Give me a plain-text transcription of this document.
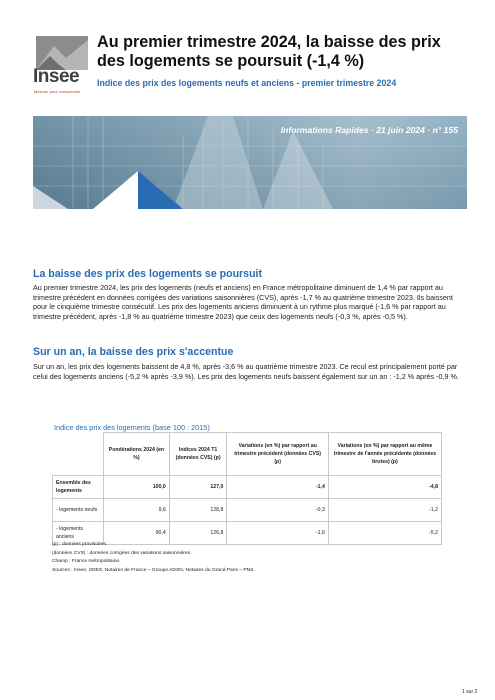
Insee
Mesurer pour comprendre
Au premier trimestre 2024, la baisse des prix des logements se poursuit (-1,4 %)
Indice des prix des logements neufs et anciens - premier trimestre 2024
Informations Rapides · 21 juin 2024 · n° 155
La baisse des prix des logements se poursuit
Au premier trimestre 2024, les prix des logements (neufs et anciens) en France métropolitaine diminuent de 1,4 % par rapport au trimestre précédent en données corrigées des variations saisonnières (CVS), après -1,7 % au quatrième trimestre 2023. Ils baissent pour le cinquième trimestre consécutif. Les prix des logements anciens diminuent à un rythme plus marqué (-1,6 % par rapport au trimestre précédent, après -1,8 % au quatrième trimestre 2023) que ceux des logements neufs (-0,3 %, après -0,5 %).
Sur un an, la baisse des prix s'accentue
Sur un an, les prix des logements baissent de 4,8 %, après -3,6 % au quatrième trimestre 2023. Ce recul est principalement porté par celui des logements anciens (-5,2 % après -3,9 %). Les prix des logements neufs baissent également sur un an : -1,2 % après -0,9 %.
Indice des prix des logements (base 100 : 2015)
	Pondérations 2024 (en %)	Indices 2024 T1 (données CVS) (p)	Variations (en %) par rapport au trimestre précédent (données CVS) (p)	Variations (en %) par rapport au même trimestre de l'année précédente (données brutes) (p)
Ensemble des logements	100,0	127,0	-1,4	-4,8
- logements neufs	9,6	128,8	-0,3	-1,2
- logements anciens	90,4	126,8	-1,6	-5,2
(p) : données provisoires.
(données CVS) : données corrigées des variations saisonnières.
Champ : France métropolitaine.
Sources : Insee, SDES, Notaires de France – Groupe ADSN, Notaires du Grand Paris – PNS.
1 sur 2
